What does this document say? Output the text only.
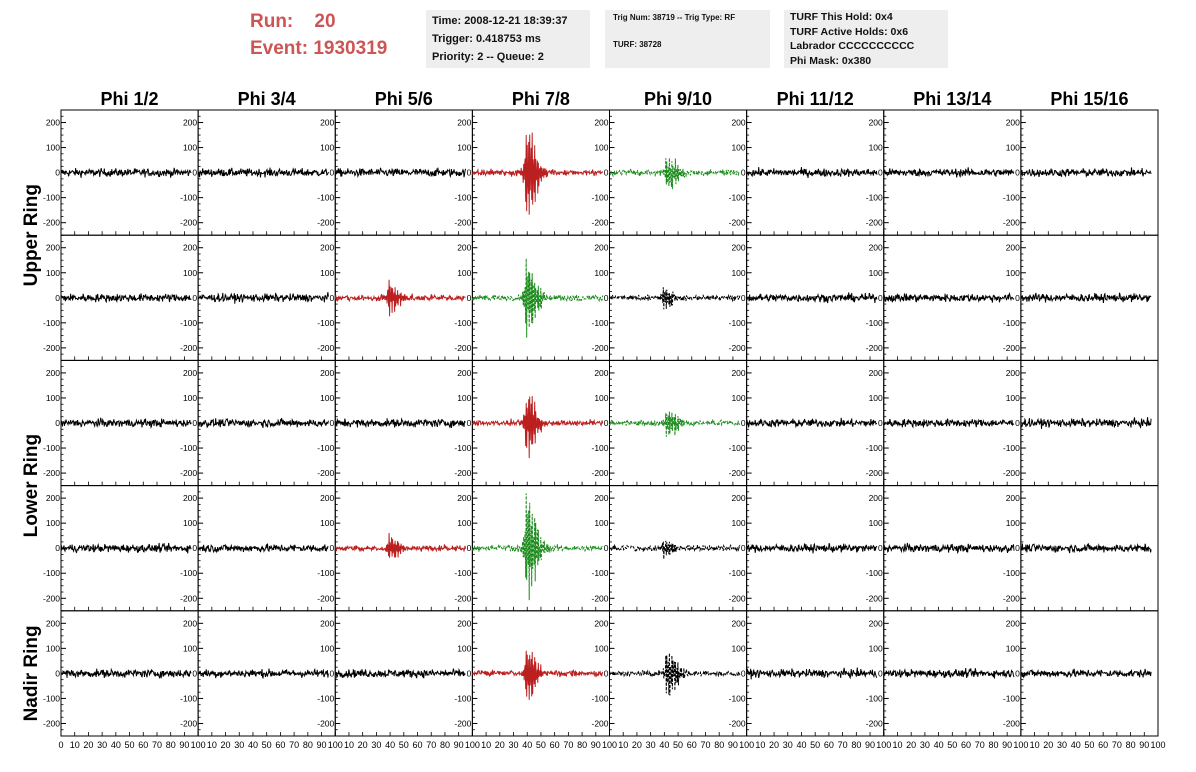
Run: 20
Event: 1930319
Time: 2008-12-21 18:39:37
Trigger: 0.418753 ms
Priority: 2 -- Queue: 2
Trig Num: 38719 -- Trig Type: RF
TURF: 38728
TURF This Hold: 0x4
TURF Active Holds: 0x6
Labrador CCCCCCCCCC
Phi Mask: 0x380
200
100
0
-100
-200
200
100
0
-100
-200
200
100
0
-100
-200
200
100
0
-100
-200
200
100
0
-100
-200
200
100
0
-100
-200
200
100
0
-100
-200
200
100
0
-100
-200
200
100
0
-100
-200
200
100
0
-100
-200
200
100
0
-100
-200
200
100
0
-100
-200
200
100
0
-100
-200
200
100
0
-100
-200
200
100
0
-100
-200
200
100
0
-100
-200
200
100
0
-100
-200
200
100
0
-100
-200
200
100
0
-100
-200
200
100
0
-100
-200
200
100
0
-100
-200
200
100
0
-100
-200
200
100
0
-100
-200
200
100
0
-100
-200
200
100
0
-100
-200
200
100
0
-100
-200
200
100
0
-100
-200
200
100
0
-100
-200
200
100
0
-100
-200
200
100
0
-100
-200
200
100
0
-100
-200
200
100
0
-100
-200
200
100
0
-100
-200
200
100
0
-100
-200
200
100
0
-100
-200
200
100
0
-100
-200
200
100
0
-100
-200
200
100
0
-100
-200
200
100
0
-100
-200
200
100
0
-100
-200
Phi 1/2	Phi 3/4	Phi 5/6	Phi 7/8	Phi 9/10	Phi 11/12	Phi 13/14	Phi 15/16
0 10 20 30 40 50 60 70 80 90 100 10 20 30 40 50 60 70 80 90 100 10 20 30 40 50 60 70 80 90 100 10 20 30 40 50 60 70 80 90 100 10 20 30 40 50 60 70 80 90 100 10 20 30 40 50 60 70 80 90 100 10 20 30 40 50 60 70 80 90 100 10 20 30 40 50 60 70 80 90 100
Upper Ring
Lower Ring
Nadir Ring
